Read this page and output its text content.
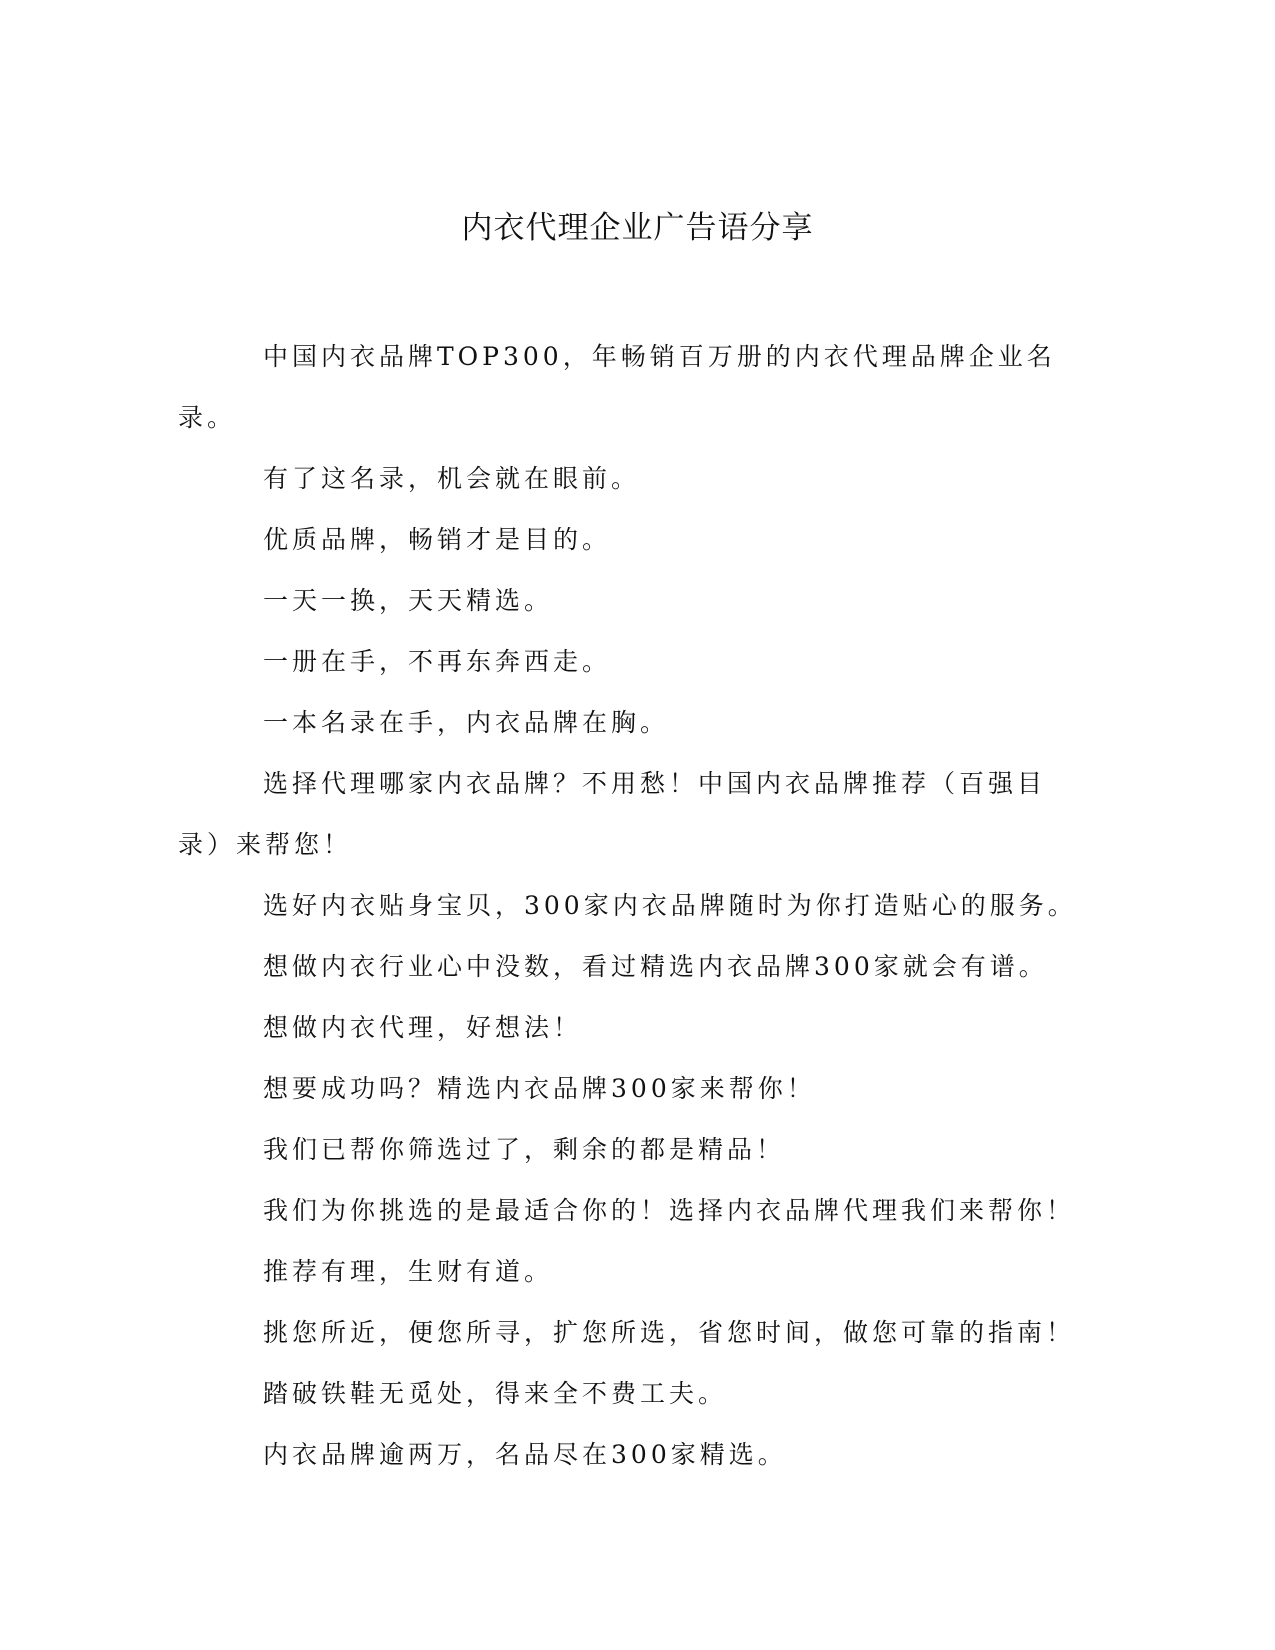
内衣代理企业广告语分享

中国内衣品牌TOP300，年畅销百万册的内衣代理品牌企业名录。

有了这名录，机会就在眼前。

优质品牌，畅销才是目的。

一天一换，天天精选。

一册在手，不再东奔西走。

一本名录在手，内衣品牌在胸。

选择代理哪家内衣品牌？不用愁！中国内衣品牌推荐（百强目录）来帮您！

选好内衣贴身宝贝，300家内衣品牌随时为你打造贴心的服务。

想做内衣行业心中没数，看过精选内衣品牌300家就会有谱。

想做内衣代理，好想法！

想要成功吗？精选内衣品牌300家来帮你！

我们已帮你筛选过了，剩余的都是精品！

我们为你挑选的是最适合你的！选择内衣品牌代理我们来帮你！

推荐有理，生财有道。

挑您所近，便您所寻，扩您所选，省您时间，做您可靠的指南！

踏破铁鞋无觅处，得来全不费工夫。

内衣品牌逾两万，名品尽在300家精选。
